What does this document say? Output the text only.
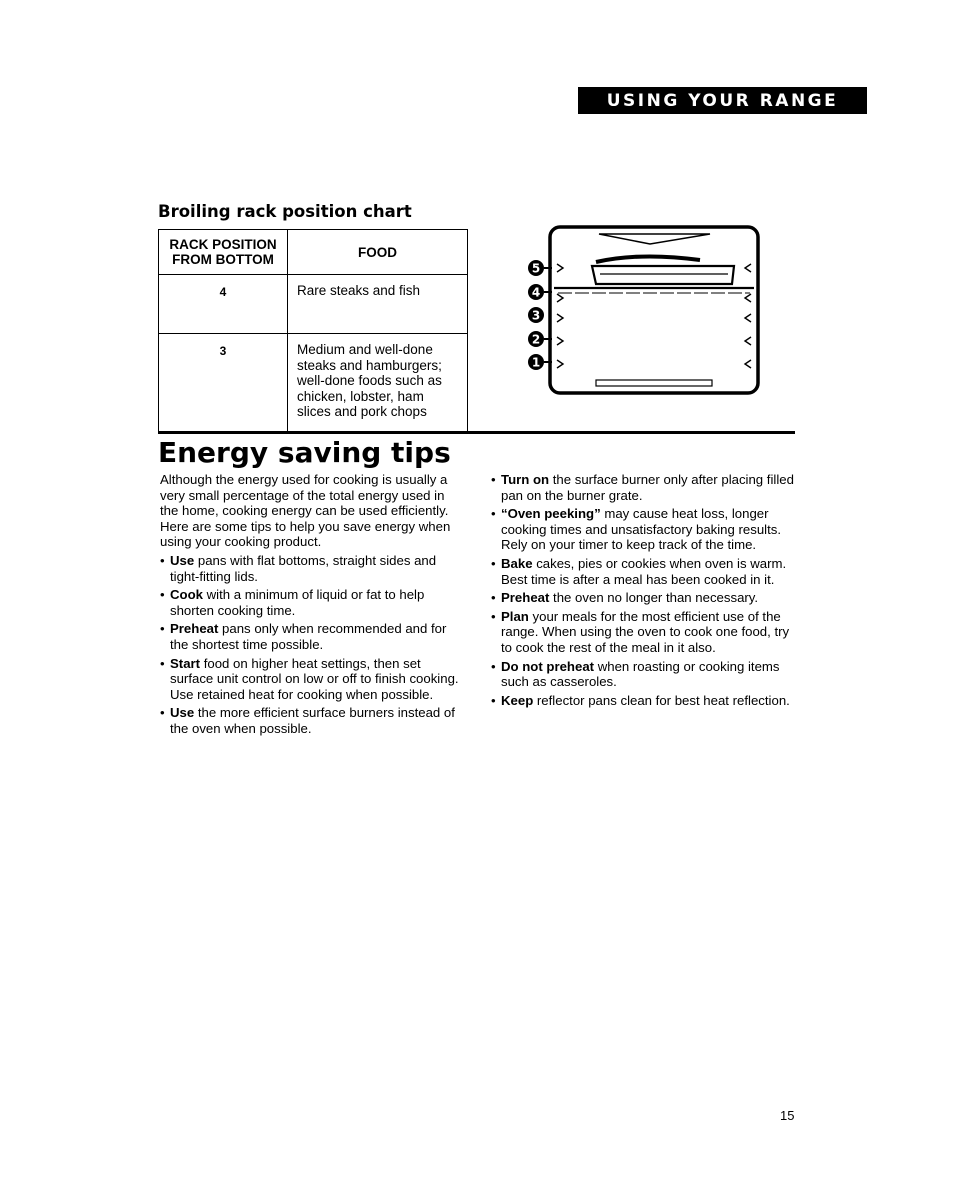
USING YOUR RANGE
Broiling rack position chart
RACK POSITION
FROM BOTTOM	FOOD
4	Rare steaks and fish
3	Medium and well-done steaks and hamburgers; well-done foods such as chicken, lobster, ham slices and pork chops
5
4
3
2
1
Energy saving tips

Although the energy used for cooking is usually a very small percentage of the total energy used in the home, cooking energy can be used efficiently. Here are some tips to help you save energy when using your cooking product.

• Use pans with flat bottoms, straight sides and tight-fitting lids.
• Cook with a minimum of liquid or fat to help shorten cooking time.
• Preheat pans only when recommended and for the shortest time possible.
• Start food on higher heat settings, then set surface unit control on low or off to finish cooking. Use retained heat for cooking when possible.
• Use the more efficient surface burners instead of the oven when possible.
• Turn on the surface burner only after placing filled pan on the burner grate.
• “Oven peeking” may cause heat loss, longer cooking times and unsatisfactory baking results. Rely on your timer to keep track of the time.
• Bake cakes, pies or cookies when oven is warm. Best time is after a meal has been cooked in it.
• Preheat the oven no longer than necessary.
• Plan your meals for the most efficient use of the range. When using the oven to cook one food, try to cook the rest of the meal in it also.
• Do not preheat when roasting or cooking items such as casseroles.
• Keep reflector pans clean for best heat reflection.
15
